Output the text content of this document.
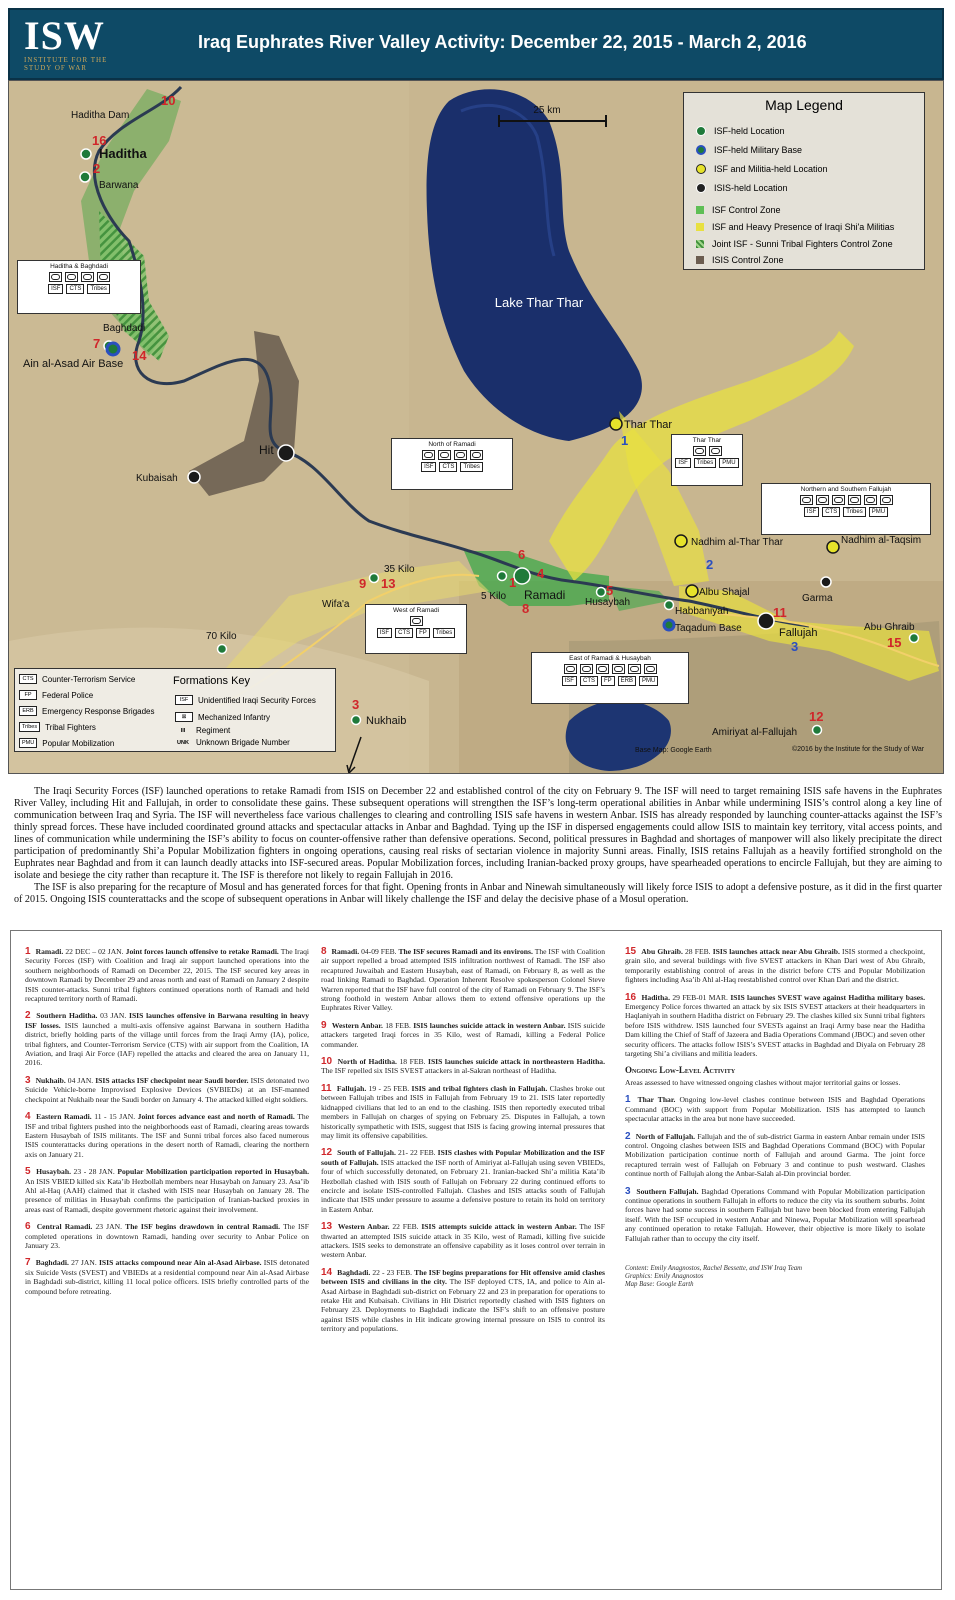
ISW
INSTITUTE FOR THE
STUDY OF WAR
Iraq Euphrates River Valley Activity: December 22, 2015 - March 2, 2016
25 km
Lake Thar Thar
Haditha Dam
Haditha
Barwana
Baghdadi
Ain al-Asad Air Base
Hit
Kubaisah
35 Kilo
Wifa'a
70 Kilo
5 Kilo Ramadi
Husaybah
Habbaniyah
Taqadum Base	Fallujah
Garma
Albu Shajal
Nadhim al-Thar Thar	Nadhim al-Taqsim
Thar Thar
Abu Ghraib
Amiriyat al-Fallujah
Nukhaib
10
16
2
7
14
9 13
6
1
4
8
5
11
15
12
3
1
2
3
Base Map: Google Earth	©2016 by the Institute for the Study of War
Haditha & Baghdadi
ISF	CTS	Tribes
North of Ramadi
ISF	CTS	Tribes
Thar Thar
ISF	Tribes	PMU
Northern and Southern Fallujah
ISF	CTS	Tribes	PMU
West of Ramadi
ISF	CTS	FP	Tribes
East of Ramadi & Husaybah
ISF	CTS	FP	ERB	PMU
Map Legend
ISF-held Location
ISF-held Military Base
ISF and Militia-held Location
ISIS-held Location
ISF Control Zone
ISF and Heavy Presence of Iraqi Shi'a Militias
Joint ISF - Sunni Tribal Fighters Control Zone
ISIS Control Zone
Formations Key
CTS	Counter-Terrorism Service
FP	Federal Police
ERB	Emergency Response Brigades
Tribes	Tribal Fighters
PMU	Popular Mobilization
ISF	Unidentified Iraqi Security Forces
⊠	Mechanized Infantry
III	Regiment
UNK Unknown Brigade Number

The Iraqi Security Forces (ISF) launched operations to retake Ramadi from ISIS on December 22 and established control of the city on February 9. The ISF will need to target remaining ISIS safe havens in the Euphrates River Valley, including Hit and Fallujah, in order to consolidate these gains. These subsequent operations will strengthen the ISF’s long-term operational abilities in Anbar while undermining ISIS’s control along a key line of communication between Iraq and Syria. The ISF will nevertheless face various challenges to clearing and controlling ISIS safe havens in western Anbar. ISIS has already responded by launching counter-attacks against the ISF’s thinly spread forces. These have included coordinated ground attacks and spectacular attacks in Anbar and Baghdad. Tying up the ISF in dispersed engagements could allow ISIS to maintain key territory, vital access points, and lines of communication while undermining the ISF’s ability to focus on counter-offensive rather than defensive operations. Second, political pressures in Baghdad and shortages of manpower will also likely precipitate the direct participation of predominantly Shi’a Popular Mobilization fighters in ongoing operations, causing real risks of sectarian violence in majority Sunni areas. Finally, ISIS retains Fallujah as a heavily fortified stronghold on the Euphrates near Baghdad and from it can launch deadly attacks into ISF-secured areas. Popular Mobilization forces, including Iranian-backed proxy groups, have spearheaded operations to encircle Fallujah, but they are aiming to isolate and besiege the city rather than recapture it. The ISF is therefore not likely to regain Fallujah in 2016.

The ISF is also preparing for the recapture of Mosul and has generated forces for that fight. Opening fronts in Anbar and Ninewah simultaneously will likely force ISIS to adopt a defensive posture, as it did in the first quarter of 2015. Ongoing ISIS counterattacks and the scope of subsequent operations in Anbar will likely challenge the ISF and delay the decisive phase of a Mosul operation.

1 Ramadi. 22 DEC – 02 JAN. Joint forces launch offensive to retake Ramadi. The Iraqi Security Forces (ISF) with Coalition and Iraqi air support launched operations into the southern neighborhoods of Ramadi on December 22, 2015. The ISF secured key areas in downtown Ramadi by December 29 and areas north and east of Ramadi on January 2 despite ISIS counter-attacks. Sunni tribal fighters continued operations north of Ramadi and held recaptured territory north of Ramadi.
2 Southern Haditha. 03 JAN. ISIS launches offensive in Barwana resulting in heavy ISF losses. ISIS launched a multi-axis offensive against Barwana in southern Haditha district, briefly holding parts of the village until forces from the Iraqi Army (IA), police, tribal fighters, and Counter-Terrorism Service (CTS) with air support from the Coalition, IA Aviation, and Iraqi Air Force (IAF) repelled the attacks and cleared the area on January 11, 2016.
3 Nukhaib. 04 JAN. ISIS attacks ISF checkpoint near Saudi border. ISIS detonated two Suicide Vehicle-borne Improvised Explosive Devices (SVBIEDs) at an ISF-manned checkpoint at Nukhaib near the Saudi border on January 4. The attacked killed eight soldiers.
4 Eastern Ramadi. 11 - 15 JAN. Joint forces advance east and north of Ramadi. The ISF and tribal fighters pushed into the neighborhoods east of Ramadi, clearing areas towards Eastern Husaybah of ISIS militants. The ISF and Sunni tribal forces also faced numerous ISIS counterattacks during operations in the desert north of Ramadi, clearing the northern axis on January 21.
5 Husaybah. 23 - 28 JAN. Popular Mobilization participation reported in Husaybah. An ISIS VBIED killed six Kata’ib Hezbollah members near Husaybah on January 23. Asa’ib Ahl al-Haq (AAH) claimed that it clashed with ISIS near Husaybah on January 28. The presence of militias in Husaybah confirms the participation of Iranian-backed proxies in areas east of Ramadi, despite government rhetoric against their involvement.
6 Central Ramadi. 23 JAN. The ISF begins drawdown in central Ramadi. The ISF completed operations in downtown Ramadi, handing over security to Anbar Police on January 23.
7 Baghdadi. 27 JAN. ISIS attacks compound near Ain al-Asad Airbase. ISIS detonated six Suicide Vests (SVEST) and VBIEDs at a residential compound near Ain al-Asad Airbase in Baghdadi sub-district, killing 11 local police officers. ISIS briefly controlled parts of the compound before retreating.
8 Ramadi. 04-09 FEB. The ISF secures Ramadi and its environs. The ISF with Coalition air support repelled a broad attempted ISIS infiltration northwest of Ramadi. The ISF also recaptured Juwaibah and Eastern Husaybah, east of Ramadi, on February 8, as well as the road linking Ramadi to Baghdad. Operation Inherent Resolve spokesperson Colonel Steve Warren reported that the ISF have full control of the city of Ramadi on February 9. The ISF’s strong foothold in western Anbar allows them to extend offensive operations up the Euphrates River Valley.
9 Western Anbar. 18 FEB. ISIS launches suicide attack in western Anbar. ISIS suicide attackers targeted Iraqi forces in 35 Kilo, west of Ramadi, killing a Federal Police commander.
10 North of Haditha. 18 FEB. ISIS launches suicide attack in northeastern Haditha. The ISF repelled six ISIS SVEST attackers in al-Sakran northeast of Haditha.
11 Fallujah. 19 - 25 FEB. ISIS and tribal fighters clash in Fallujah. Clashes broke out between Fallujah tribes and ISIS in Fallujah from February 19 to 21. ISIS later reportedly kidnapped civilians that led to an end to the clashing. ISIS then reportedly executed tribal members in Fallujah on charges of spying on February 25. Disputes in Fallujah, a town historically sympathetic with ISIS, suggest that ISIS is facing growing internal pressures that may limit its offensive capabilities.
12 South of Fallujah. 21- 22 FEB. ISIS clashes with Popular Mobilization and the ISF south of Fallujah. ISIS attacked the ISF north of Amiriyat al-Fallujah using seven VBIEDs, four of which successfully detonated, on February 21. Iranian-backed Shi’a militia Kata’ib Hezbollah clashed with ISIS south of Fallujah on February 22 during continued efforts to encircle and isolate ISIS-controlled Fallujah. Clashes and ISIS attacks south of Fallujah indicate that ISIS under pressure to assume a defensive posture to retain its hold on territory in Eastern Anbar.
13 Western Anbar. 22 FEB. ISIS attempts suicide attack in western Anbar. The ISF thwarted an attempted ISIS suicide attack in 35 Kilo, west of Ramadi, killing five suicide attackers. ISIS seeks to demonstrate an offensive capability as it loses control over terrain in western Anbar.
14 Baghdadi. 22 - 23 FEB. The ISF begins preparations for Hit offensive amid clashes between ISIS and civilians in the city. The ISF deployed CTS, IA, and police to Ain al-Asad Airbase in Baghdadi sub-district on February 22 and 23 in preparation for operations to retake Hit and Kubaisah. Civilians in Hit District reportedly clashed with ISIS fighters on February 23. Deployments to Baghdadi indicate the ISF’s shift to an offensive posture against ISIS while clashes in Hit indicate growing internal pressure on ISIS to control its territory and populations.
15 Abu Ghraib. 28 FEB. ISIS launches attack near Abu Ghraib. ISIS stormed a checkpoint, grain silo, and several buildings with five SVEST attackers in Khan Dari west of Abu Ghraib, temporarily establishing control of areas in the district before CTS and Popular Mobilization fighters including Asa’ib Ahl al-Haq reestablished control over Khan Dari and the district.
16 Haditha. 29 FEB-01 MAR. ISIS launches SVEST wave against Haditha military bases. Emergency Police forces thwarted an attack by six ISIS SVEST attackers at their headquarters in Haqlaniyah in southern Haditha district on February 29. The clashes killed six Sunni tribal fighters before ISIS withdrew. ISIS launched four SVESTs against an Iraqi Army base near the Haditha Dam killing the Chief of Staff of Jazeera and Badia Operations Command (JBOC) and seven other security officers. The attacks follow ISIS’s SVEST attacks in Baghdad and Diyala on February 28 targeting Shi’a civilians and militia leaders.
Ongoing Low-Level Activity
Areas assessed to have witnessed ongoing clashes without major territorial gains or losses.
1 Thar Thar. Ongoing low-level clashes continue between ISIS and Baghdad Operations Command (BOC) with support from Popular Mobilization. ISIS has attempted to launch spectacular attacks in the area but none have succeeded.
2 North of Fallujah. Fallujah and the of sub-district Garma in eastern Anbar remain under ISIS control. Ongoing clashes between ISIS and Baghdad Operations Command (BOC) with Popular Mobilization participation continue north of Fallujah and around Garma. The joint force recaptured terrain west of Fallujah on February 3 and continue to push westward. Clashes continue north of Fallujah along the Anbar-Salah al-Din provincial border.
3 Southern Fallujah. Baghdad Operations Command with Popular Mobilization participation continue operations in southern Fallujah in efforts to reduce the city via its southern suburbs. Joint forces have had some success in southern Fallujah but have been blocked from entering Fallujah itself. With the ISF occupied in western Anbar and Ninewa, Popular Mobilization will spearhead any continued operation to retake Fallujah. However, their objective is more likely to isolate Fallujah rather than to occupy the city itself.
Content: Emily Anagnostos, Rachel Bessette, and ISW Iraq Team
Graphics: Emily Anagnostos
Map Base: Google Earth
